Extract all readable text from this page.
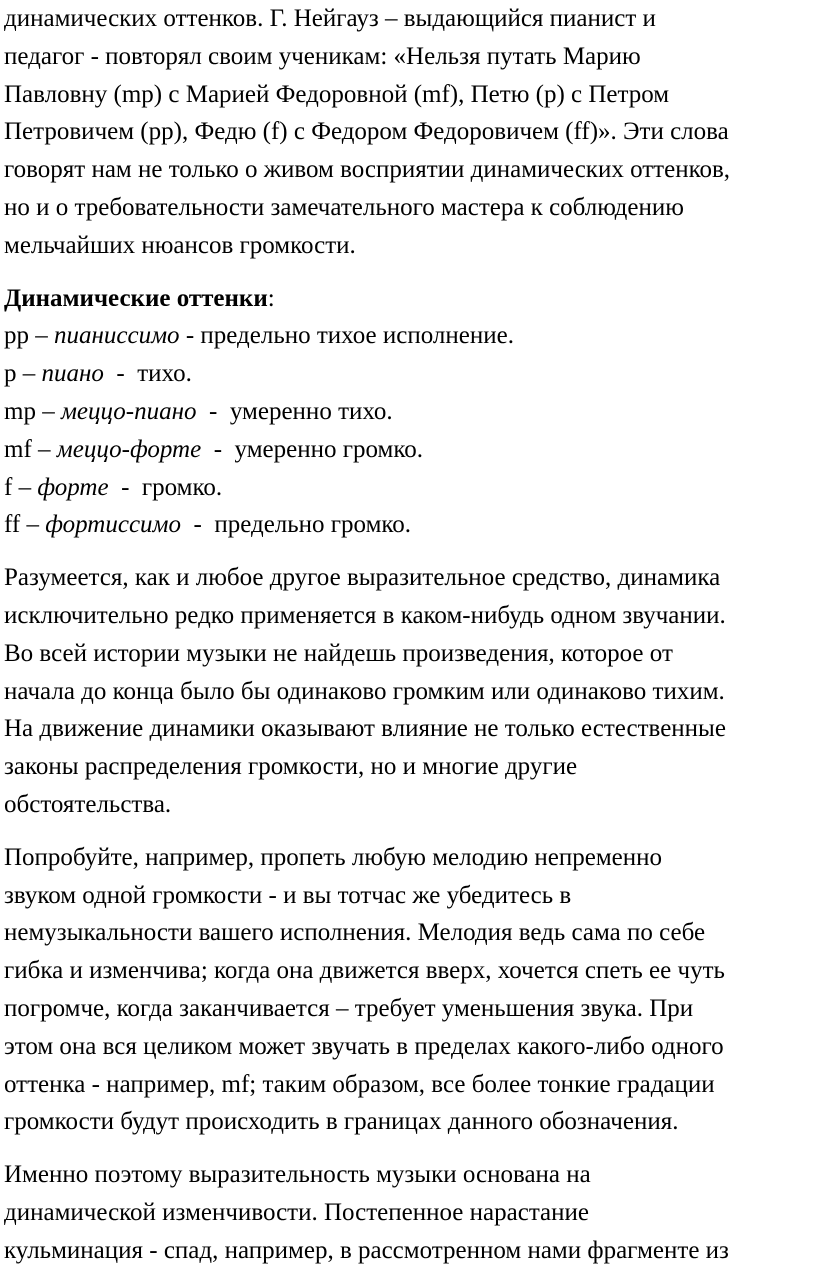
динамических оттенков. Г. Нейгауз – выдающийся пианист и
педагог - повторял своим ученикам: «Нельзя путать Марию
Павловну (mp) с Марией Федоровной (mf), Петю (p) с Петром
Петровичем (pp), Федю (f) с Федором Федоровичем (ff)». Эти слова
говорят нам не только о живом восприятии динамических оттенков,
но и о требовательности замечательного мастера к соблюдению
мельчайших нюансов громкости.
Динамические оттенки:
pp – пианиссимо - предельно тихое исполнение.
p – пиано  -  тихо.
mp – меццо-пиано  -  умеренно тихо.
mf – меццо-форте  -  умеренно громко.
f – форте  -  громко.
ff – фортиссимо  -  предельно громко.
Разумеется, как и любое другое выразительное средство, динамика
исключительно редко применяется в каком-нибудь одном звучании.
Во всей истории музыки не найдешь произведения, которое от
начала до конца было бы одинаково громким или одинаково тихим.
На движение динамики оказывают влияние не только естественные
законы распределения громкости, но и многие другие
обстоятельства.
Попробуйте, например, пропеть любую мелодию непременно
звуком одной громкости - и вы тотчас же убедитесь в
немузыкальности вашего исполнения. Мелодия ведь сама по себе
гибка и изменчива; когда она движется вверх, хочется спеть ее чуть
погромче, когда заканчивается – требует уменьшения звука. При
этом она вся целиком может звучать в пределах какого-либо одного
оттенка - например, mf; таким образом, все более тонкие градации
громкости будут происходить в границах данного обозначения.
Именно поэтому выразительность музыки основана на
динамической изменчивости. Постепенное нарастание
кульминация - спад, например, в рассмотренном нами фрагменте из
